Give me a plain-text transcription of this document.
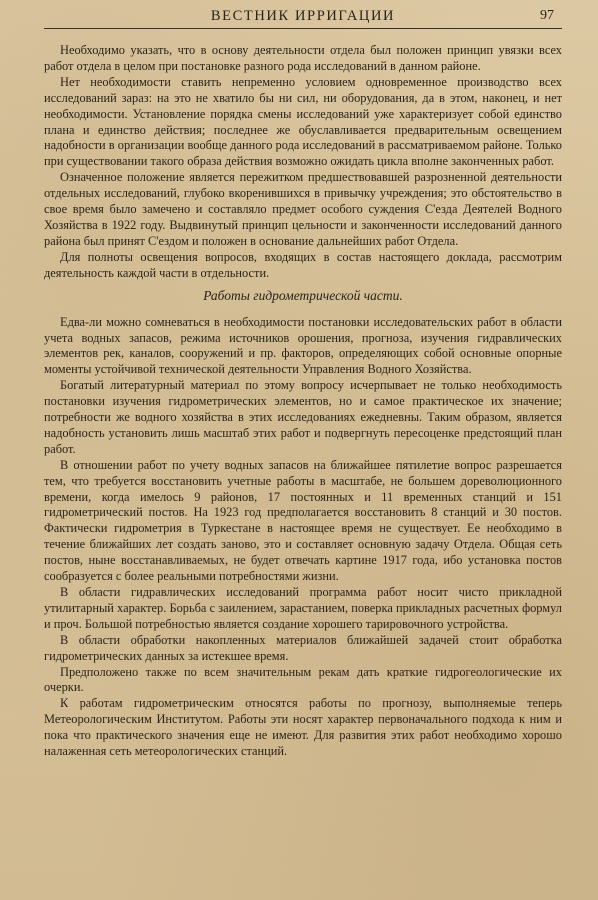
ВЕСТНИК ИРРИГАЦИИ	97

Необходимо указать, что в основу деятельности отдела был положен принцип увязки всех работ отдела в целом при постановке разного рода исследований в данном районе.

Нет необходимости ставить непременно условием одновременное производство всех исследований зараз: на это не хватило бы ни сил, ни оборудования, да в этом, наконец, и нет необходимости. Установление порядка смены исследований уже характеризует собой единство плана и единство действия; последнее же обуславливается предварительным освещением надобности в организации вообще данного рода исследований в рассматриваемом районе. Только при существовании такого образа действия возможно ожидать цикла вполне законченных работ.

Означенное положение является пережитком предшествовавшей разрозненной деятельности отдельных исследований, глубоко вкоренившихся в привычку учреждения; это обстоятельство в свое время было замечено и составляло предмет особого суждения С'езда Деятелей Водного Хозяйства в 1922 году. Выдвинутый принцип цельности и законченности исследований данного района был принят С'ездом и положен в основание дальнейших работ Отдела.

Для полноты освещения вопросов, входящих в состав настоящего доклада, рассмотрим деятельность каждой части в отдельности.

Работы гидрометрической части.

Едва-ли можно сомневаться в необходимости постановки исследовательских работ в области учета водных запасов, режима источников орошения, прогноза, изучения гидравлических элементов рек, каналов, сооружений и пр. факторов, определяющих собой основные опорные моменты устойчивой технической деятельности Управления Водного Хозяйства.

Богатый литературный материал по этому вопросу исчерпывает не только необходимость постановки изучения гидрометрических элементов, но и самое практическое их значение; потребности же водного хозяйства в этих исследованиях ежедневны. Таким образом, является надобность установить лишь масштаб этих работ и подвергнуть пересоценке предстоящий план работ.

В отношении работ по учету водных запасов на ближайшее пятилетие вопрос разрешается тем, что требуется восстановить учетные работы в масштабе, не большем дореволюционного времени, когда имелось 9 районов, 17 постоянных и 11 временных станций и 151 гидрометрический постов. На 1923 год предполагается восстановить 8 станций и 30 постов. Фактически гидрометрия в Туркестане в настоящее время не существует. Ее необходимо в течение ближайших лет создать заново, это и составляет основную задачу Отдела. Общая сеть постов, ныне восстанавливаемых, не будет отвечать картине 1917 года, ибо установка постов сообразуется с более реальными потребностями жизни.

В области гидравлических исследований программа работ носит чисто прикладной утилитарный характер. Борьба с заилением, зарастанием, поверка прикладных расчетных формул и проч. Большой потребностью является создание хорошего тарировочного устройства.

В области обработки накопленных материалов ближайшей задачей стоит обработка гидрометрических данных за истекшее время.

Предположено также по всем значительным рекам дать краткие гидрогеологические их очерки.

К работам гидрометрическим относятся работы по прогнозу, выполняемые теперь Метеорологическим Институтом. Работы эти носят характер первоначального подхода к ним и пока что практического значения еще не имеют. Для развития этих работ необходимо хорошо налаженная сеть метеорологических станций.
